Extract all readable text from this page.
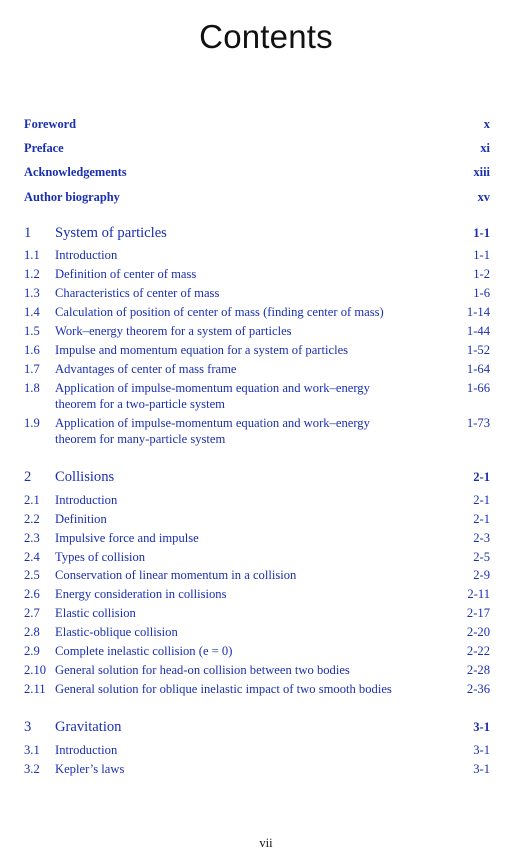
Contents
Foreword	x
Preface	xi
Acknowledgements	xiii
Author biography	xv
1 System of particles	1-1
1.1 Introduction	1-1
1.2 Definition of center of mass	1-2
1.3 Characteristics of center of mass	1-6
1.4 Calculation of position of center of mass (finding center of mass)	1-14
1.5 Work–energy theorem for a system of particles	1-44
1.6 Impulse and momentum equation for a system of particles	1-52
1.7 Advantages of center of mass frame	1-64
1.8 Application of impulse-momentum equation and work–energy	1-66
theorem for a two-particle system
1.9 Application of impulse-momentum equation and work–energy	1-73
theorem for many-particle system
2 Collisions	2-1
2.1 Introduction	2-1
2.2 Definition	2-1
2.3 Impulsive force and impulse	2-3
2.4 Types of collision	2-5
2.5 Conservation of linear momentum in a collision	2-9
2.6 Energy consideration in collisions	2-11
2.7 Elastic collision	2-17
2.8 Elastic-oblique collision	2-20
2.9 Complete inelastic collision (e = 0)	2-22
2.10 General solution for head-on collision between two bodies	2-28
2.11 General solution for oblique inelastic impact of two smooth bodies	2-36
3 Gravitation	3-1
3.1 Introduction	3-1
3.2 Kepler’s laws	3-1
vii
